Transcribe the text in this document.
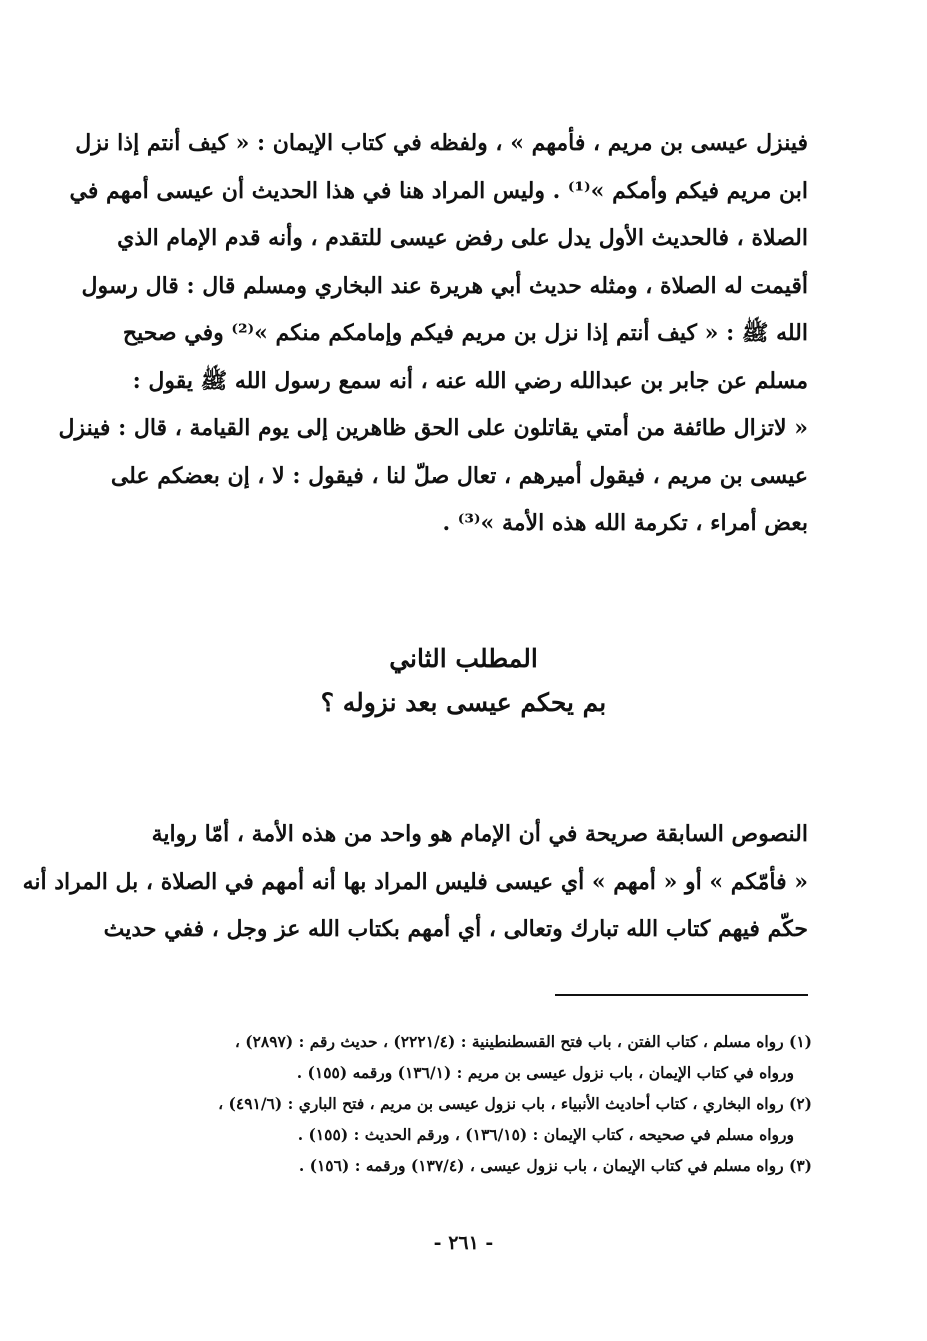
فينزل عيسى بن مريم ، فأمهم » ، ولفظه في كتاب الإيمان : « كيف أنتم إذا نزل
ابن مريم فيكم وأمكم »⁽¹⁾ . وليس المراد هنا في هذا الحديث أن عيسى أمهم في
الصلاة ، فالحديث الأول يدل على رفض عيسى للتقدم ، وأنه قدم الإمام الذي
أقيمت له الصلاة ، ومثله حديث أبي هريرة عند البخاري ومسلم قال : قال رسول
الله ﷺ : « كيف أنتم إذا نزل بن مريم فيكم وإمامكم منكم »⁽²⁾ وفي صحيح
مسلم عن جابر بن عبدالله رضي الله عنه ، أنه سمع رسول الله ﷺ يقول :
« لاتزال طائفة من أمتي يقاتلون على الحق ظاهرين إلى يوم القيامة ، قال : فينزل
عيسى بن مريم ، فيقول أميرهم ، تعال صلّ لنا ، فيقول : لا ، إن بعضكم على
بعض أمراء ، تكرمة الله هذه الأمة »⁽³⁾ .
المطلب الثاني
بم يحكم عيسى بعد نزوله ؟
النصوص السابقة صريحة في أن الإمام هو واحد من هذه الأمة ، أمّا رواية
« فأمّكم » أو « أمهم » أي عيسى فليس المراد بها أنه أمهم في الصلاة ، بل المراد أنه
حكّم فيهم كتاب الله تبارك وتعالى ، أي أمهم بكتاب الله عز وجل ، ففي حديث
(١) رواه مسلم ، كتاب الفتن ، باب فتح القسطنطينية : (٢٢٢١/٤) ، حديث رقم : (٢٨٩٧) ،
ورواه في كتاب الإيمان ، باب نزول عيسى بن مريم : (١٣٦/١) ورقمه (١٥٥) .
(٢) رواه البخاري ، كتاب أحاديث الأنبياء ، باب نزول عيسى بن مريم ، فتح الباري : (٤٩١/٦) ،
ورواه مسلم في صحيحه ، كتاب الإيمان : (١٣٦/١٥) ، ورقم الحديث : (١٥٥) .
(٣) رواه مسلم في كتاب الإيمان ، باب نزول عيسى ، (١٣٧/٤) ورقمه : (١٥٦) .
- ٢٦١ -
